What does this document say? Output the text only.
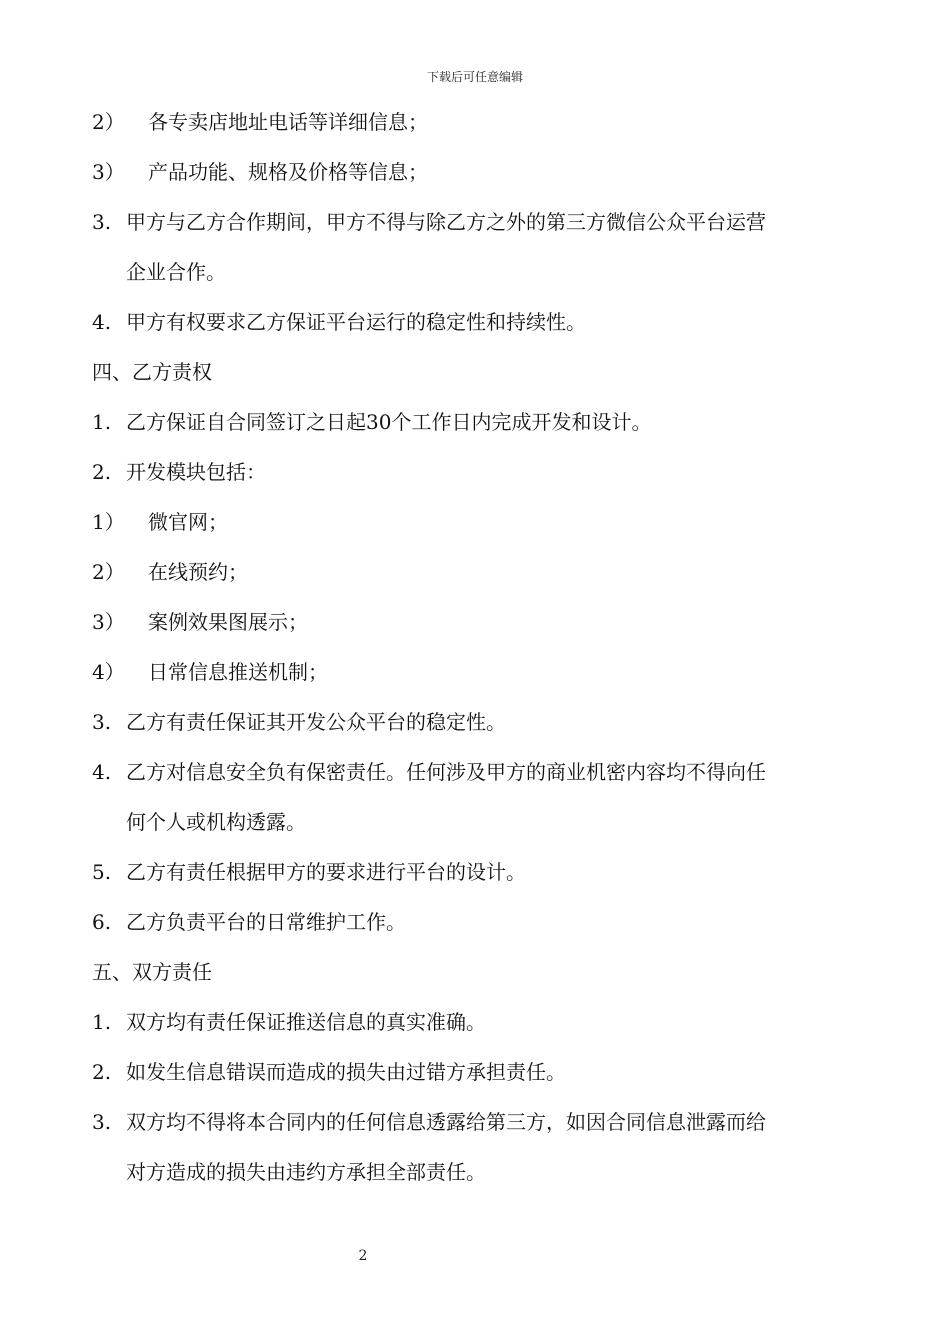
下载后可任意编辑
2） 各专卖店地址电话等详细信息；
3） 产品功能、规格及价格等信息；
3. 甲方与乙方合作期间，甲方不得与除乙方之外的第三方微信公众平台运营
企业合作。
4. 甲方有权要求乙方保证平台运行的稳定性和持续性。
四、乙方责权
1. 乙方保证自合同签订之日起30个工作日内完成开发和设计。
2. 开发模块包括：
1） 微官网；
2） 在线预约；
3） 案例效果图展示；
4） 日常信息推送机制；
3. 乙方有责任保证其开发公众平台的稳定性。
4. 乙方对信息安全负有保密责任。任何涉及甲方的商业机密内容均不得向任
何个人或机构透露。
5. 乙方有责任根据甲方的要求进行平台的设计。
6. 乙方负责平台的日常维护工作。
五、双方责任
1. 双方均有责任保证推送信息的真实准确。
2. 如发生信息错误而造成的损失由过错方承担责任。
3. 双方均不得将本合同内的任何信息透露给第三方，如因合同信息泄露而给
对方造成的损失由违约方承担全部责任。
2
